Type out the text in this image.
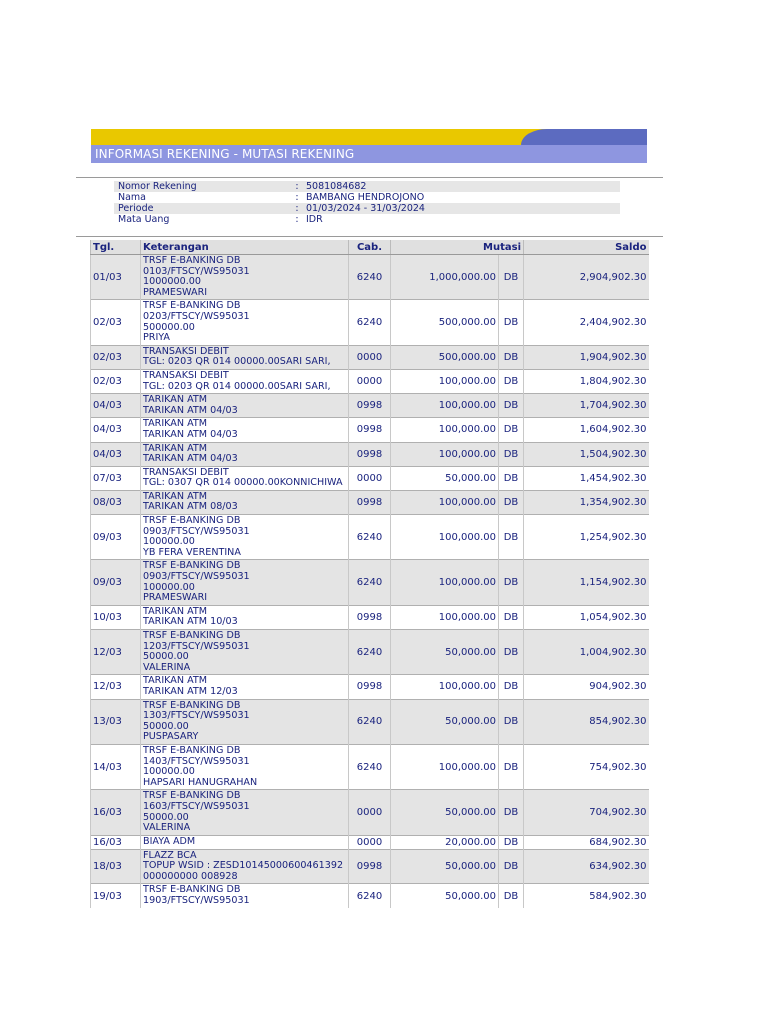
INFORMASI REKENING - MUTASI REKENING
Nomor Rekening	:	5081084682
Nama	:	BAMBANG HENDROJONO
Periode	:	01/03/2024 - 31/03/2024
Mata Uang	:	IDR
Tgl.	Keterangan	Cab.	Mutasi		Saldo
01/03	TRSF E-BANKING DB
0103/FTSCY/WS95031
1000000.00
PRAMESWARI	6240	1,000,000.00	DB	2,904,902.30
02/03	TRSF E-BANKING DB
0203/FTSCY/WS95031
500000.00
PRIYA	6240	500,000.00	DB	2,404,902.30
02/03	TRANSAKSI DEBIT
TGL: 0203 QR 014 00000.00SARI SARI,	0000	500,000.00	DB	1,904,902.30
02/03	TRANSAKSI DEBIT
TGL: 0203 QR 014 00000.00SARI SARI,	0000	100,000.00	DB	1,804,902.30
04/03	TARIKAN ATM
TARIKAN ATM 04/03	0998	100,000.00	DB	1,704,902.30
04/03	TARIKAN ATM
TARIKAN ATM 04/03	0998	100,000.00	DB	1,604,902.30
04/03	TARIKAN ATM
TARIKAN ATM 04/03	0998	100,000.00	DB	1,504,902.30
07/03	TRANSAKSI DEBIT
TGL: 0307 QR 014 00000.00KONNICHIWA	0000	50,000.00	DB	1,454,902.30
08/03	TARIKAN ATM
TARIKAN ATM 08/03	0998	100,000.00	DB	1,354,902.30
09/03	TRSF E-BANKING DB
0903/FTSCY/WS95031
100000.00
YB FERA VERENTINA	6240	100,000.00	DB	1,254,902.30
09/03	TRSF E-BANKING DB
0903/FTSCY/WS95031
100000.00
PRAMESWARI	6240	100,000.00	DB	1,154,902.30
10/03	TARIKAN ATM
TARIKAN ATM 10/03	0998	100,000.00	DB	1,054,902.30
12/03	TRSF E-BANKING DB
1203/FTSCY/WS95031
50000.00
VALERINA	6240	50,000.00	DB	1,004,902.30
12/03	TARIKAN ATM
TARIKAN ATM 12/03	0998	100,000.00	DB	904,902.30
13/03	TRSF E-BANKING DB
1303/FTSCY/WS95031
50000.00
PUSPASARY	6240	50,000.00	DB	854,902.30
14/03	TRSF E-BANKING DB
1403/FTSCY/WS95031
100000.00
HAPSARI HANUGRAHAN	6240	100,000.00	DB	754,902.30
16/03	TRSF E-BANKING DB
1603/FTSCY/WS95031
50000.00
VALERINA	0000	50,000.00	DB	704,902.30
16/03	BIAYA ADM	0000	20,000.00	DB	684,902.30
18/03	FLAZZ BCA
TOPUP WSID : ZESD10145000600461392
000000000 008928	0998	50,000.00	DB	634,902.30
19/03	TRSF E-BANKING DB
1903/FTSCY/WS95031	6240	50,000.00	DB	584,902.30
